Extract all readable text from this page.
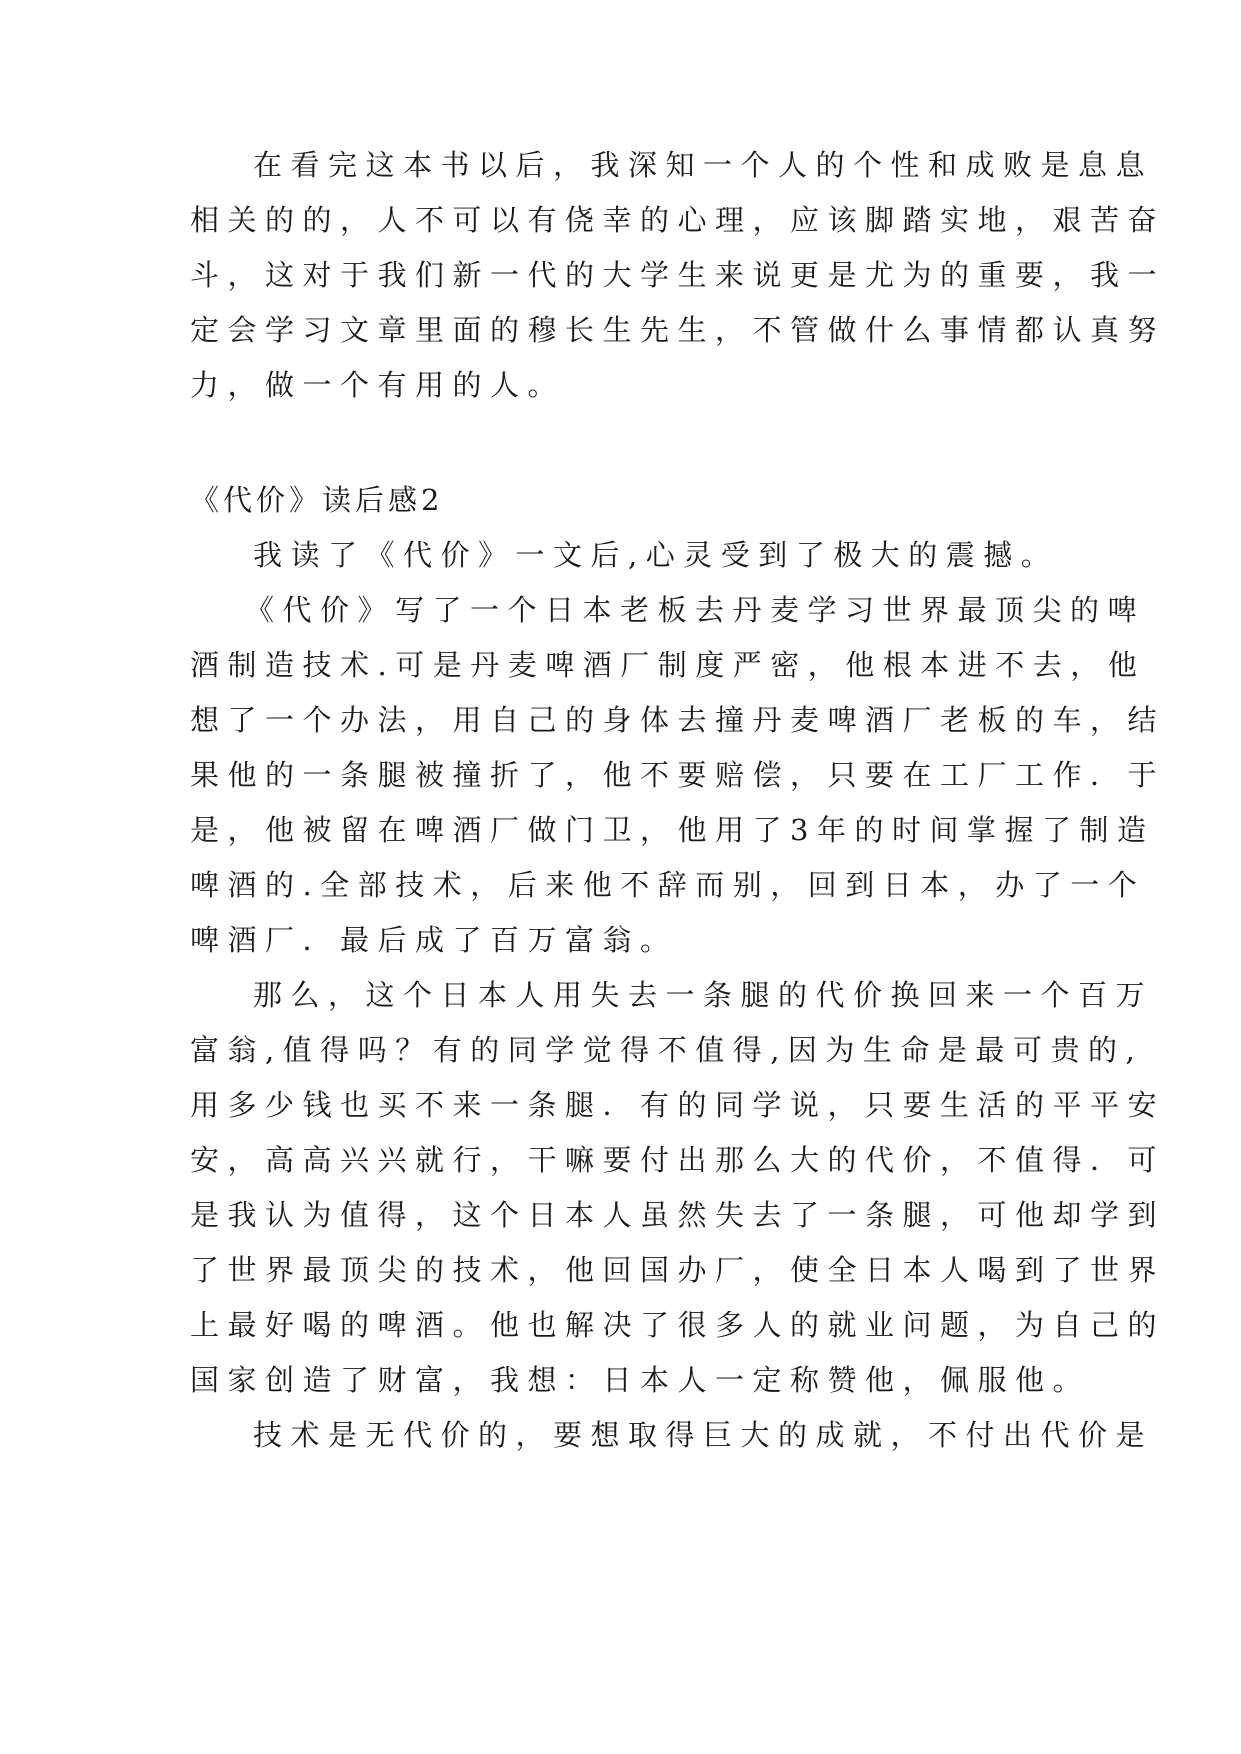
在看完这本书以后，我深知一个人的个性和成败是息息
相关的的，人不可以有侥幸的心理，应该脚踏实地，艰苦奋
斗，这对于我们新一代的大学生来说更是尤为的重要，我一
定会学习文章里面的穆长生先生，不管做什么事情都认真努
力，做一个有用的人。
《代价》读后感2
我读了《代价》一文后,心灵受到了极大的震撼。
《代价》写了一个日本老板去丹麦学习世界最顶尖的啤
酒制造技术.可是丹麦啤酒厂制度严密，他根本进不去，他
想了一个办法，用自己的身体去撞丹麦啤酒厂老板的车，结
果他的一条腿被撞折了，他不要赔偿，只要在工厂工作．于
是，他被留在啤酒厂做门卫，他用了3年的时间掌握了制造
啤酒的.全部技术，后来他不辞而别，回到日本，办了一个
啤酒厂．最后成了百万富翁。
那么，这个日本人用失去一条腿的代价换回来一个百万
富翁,值得吗？有的同学觉得不值得,因为生命是最可贵的,
用多少钱也买不来一条腿．有的同学说，只要生活的平平安
安，高高兴兴就行，干嘛要付出那么大的代价，不值得．可
是我认为值得，这个日本人虽然失去了一条腿，可他却学到
了世界最顶尖的技术，他回国办厂，使全日本人喝到了世界
上最好喝的啤酒。他也解决了很多人的就业问题，为自己的
国家创造了财富，我想：日本人一定称赞他，佩服他。
技术是无代价的，要想取得巨大的成就，不付出代价是
